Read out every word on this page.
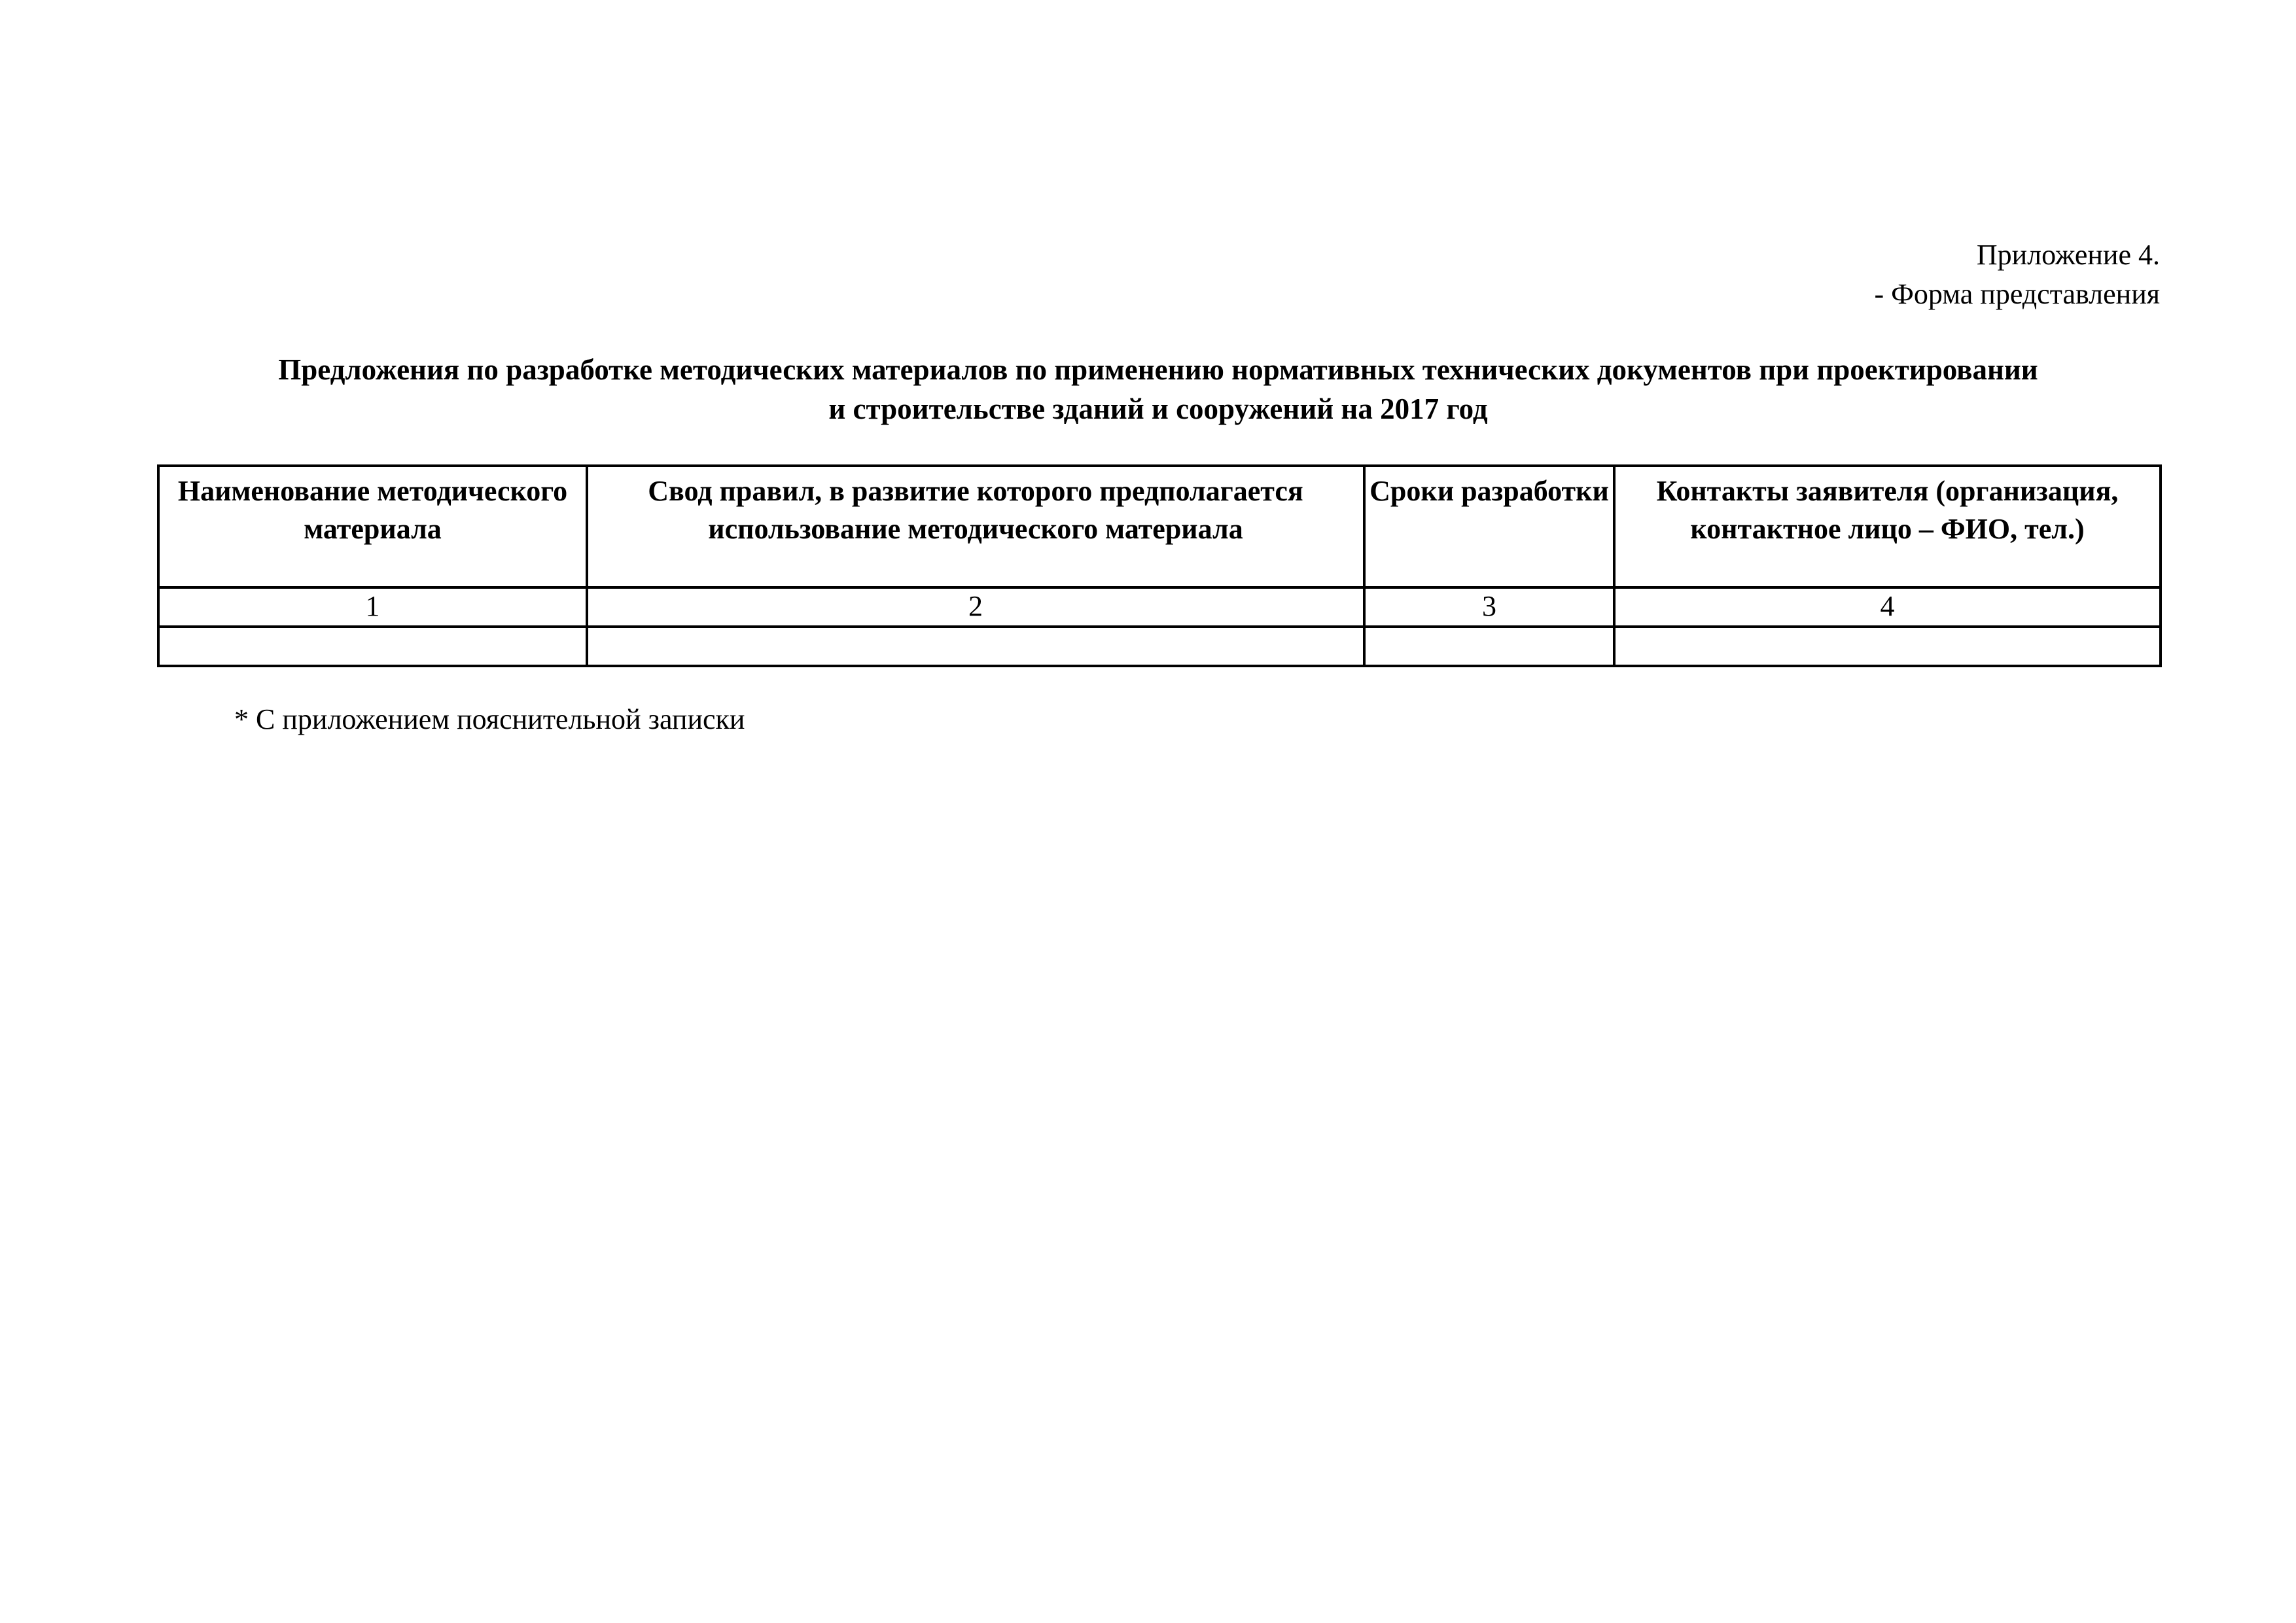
Приложение 4.
- Форма представления
Предложения по разработке методических материалов по применению нормативных технических документов при проектировании
и строительстве зданий и сооружений на 2017 год
Наименование методического материала	Свод правил, в развитие которого предполагается использование методического материала	Сроки разработки	Контакты заявителя (организация, контактное лицо – ФИО, тел.)
1	2	3	4

* С приложением пояснительной записки
